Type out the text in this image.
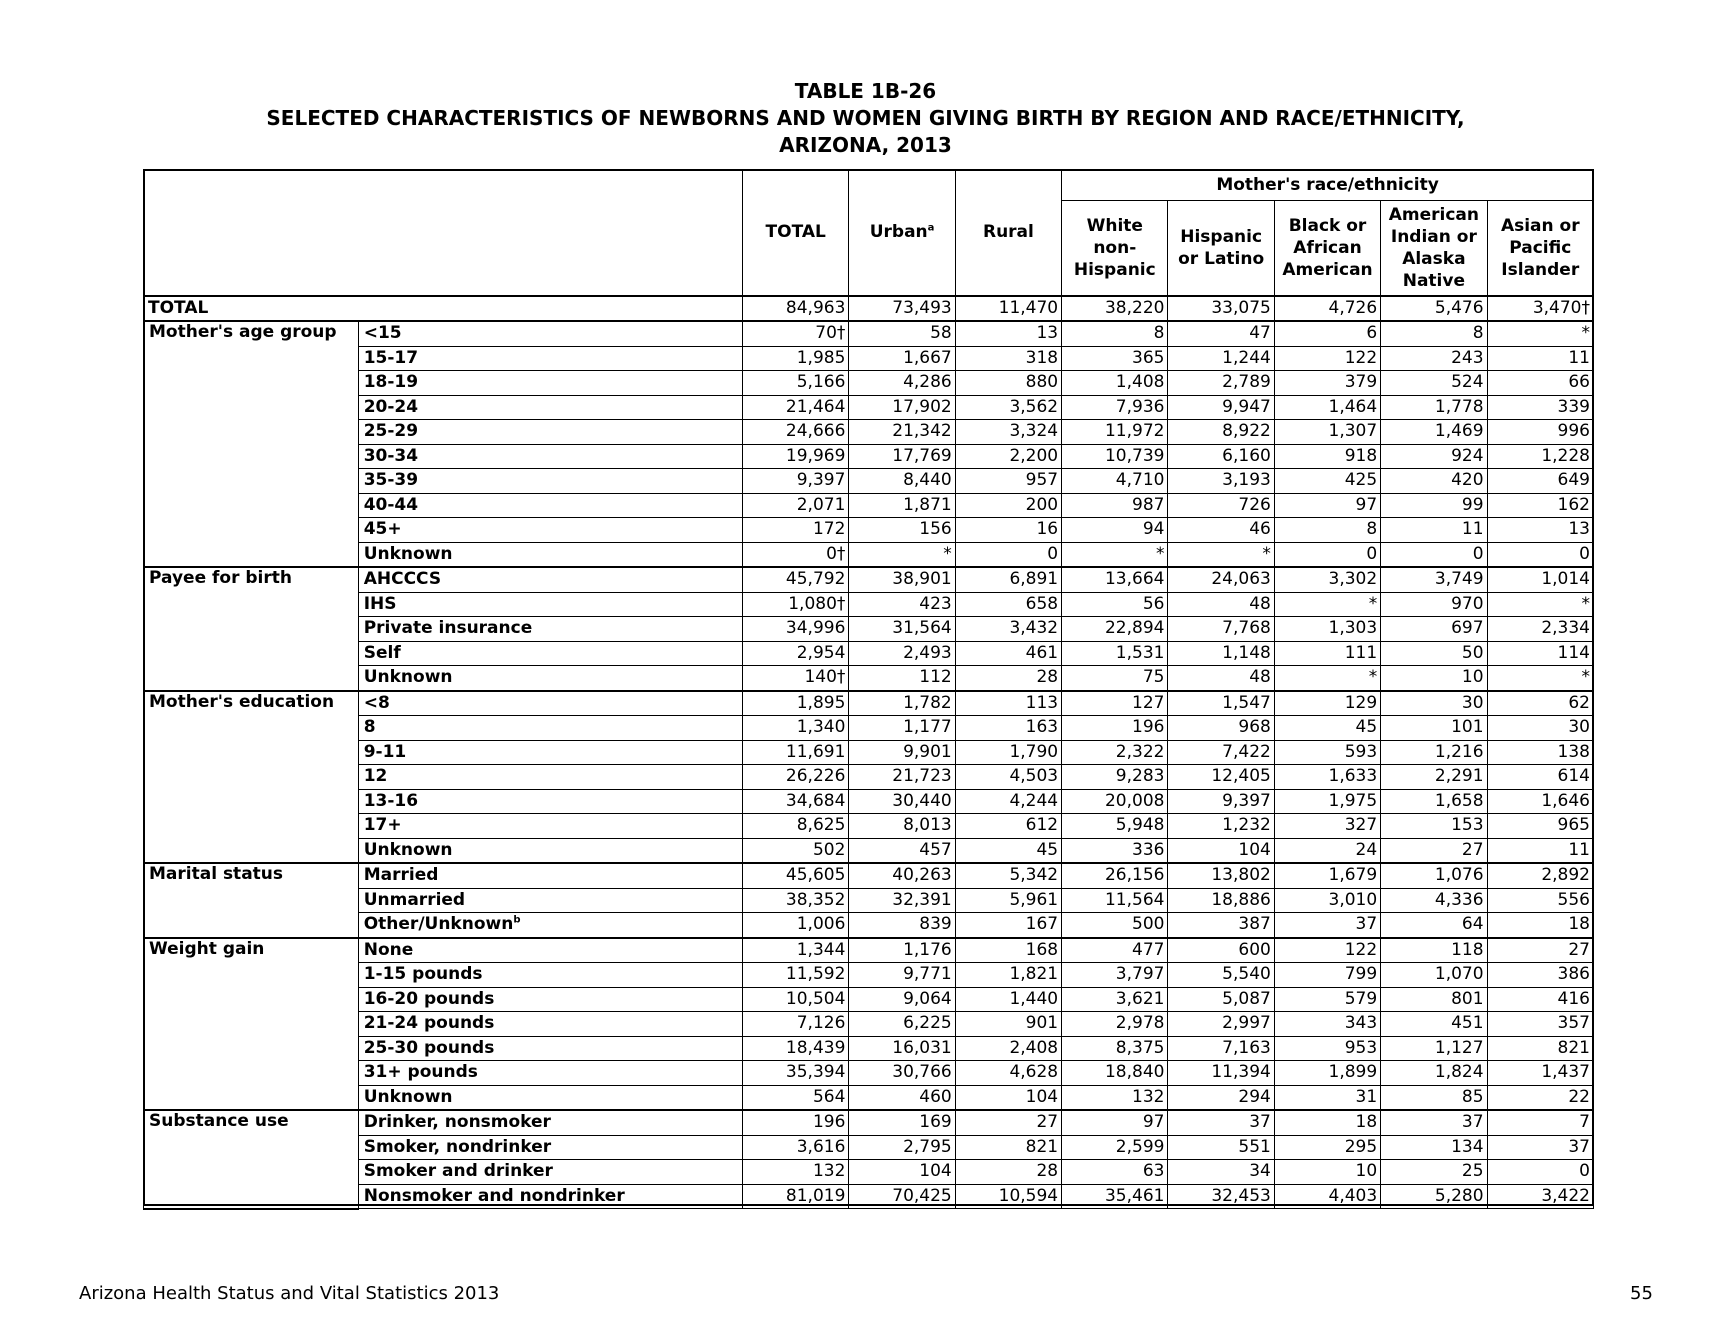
TABLE 1B-26
SELECTED CHARACTERISTICS OF NEWBORNS AND WOMEN GIVING BIRTH BY REGION AND RACE/ETHNICITY,
ARIZONA, 2013
		TOTAL	Urban$^a$	Rural	Mother's race/ethnicity				
					White non-Hispanic	Hispanic or Latino	Black or African American	American Indian or Alaska Native	Asian or Pacific Islander
TOTAL		84,963	73,493	11,470	38,220	33,075	4,726	5,476	3,470†
Mother's age group	<15	70†	58	13	8	47	6	8	*
	15-17	1,985	1,667	318	365	1,244	122	243	11
	18-19	5,166	4,286	880	1,408	2,789	379	524	66
	20-24	21,464	17,902	3,562	7,936	9,947	1,464	1,778	339
	25-29	24,666	21,342	3,324	11,972	8,922	1,307	1,469	996
	30-34	19,969	17,769	2,200	10,739	6,160	918	924	1,228
	35-39	9,397	8,440	957	4,710	3,193	425	420	649
	40-44	2,071	1,871	200	987	726	97	99	162
	45+	172	156	16	94	46	8	11	13
	Unknown	0†	*	0	*	*	0	0	0
Payee for birth	AHCCCS	45,792	38,901	6,891	13,664	24,063	3,302	3,749	1,014
	IHS	1,080†	423	658	56	48	*	970	*
	Private insurance	34,996	31,564	3,432	22,894	7,768	1,303	697	2,334
	Self	2,954	2,493	461	1,531	1,148	111	50	114
	Unknown	140†	112	28	75	48	*	10	*
Mother's education	<8	1,895	1,782	113	127	1,547	129	30	62
	8	1,340	1,177	163	196	968	45	101	30
	9-11	11,691	9,901	1,790	2,322	7,422	593	1,216	138
	12	26,226	21,723	4,503	9,283	12,405	1,633	2,291	614
	13-16	34,684	30,440	4,244	20,008	9,397	1,975	1,658	1,646
	17+	8,625	8,013	612	5,948	1,232	327	153	965
	Unknown	502	457	45	336	104	24	27	11
Marital status	Married	45,605	40,263	5,342	26,156	13,802	1,679	1,076	2,892
	Unmarried	38,352	32,391	5,961	11,564	18,886	3,010	4,336	556
	Other/Unknown$^b$	1,006	839	167	500	387	37	64	18
Weight gain	None	1,344	1,176	168	477	600	122	118	27
	1-15 pounds	11,592	9,771	1,821	3,797	5,540	799	1,070	386
	16-20 pounds	10,504	9,064	1,440	3,621	5,087	579	801	416
	21-24 pounds	7,126	6,225	901	2,978	2,997	343	451	357
	25-30 pounds	18,439	16,031	2,408	8,375	7,163	953	1,127	821
	31+ pounds	35,394	30,766	4,628	18,840	11,394	1,899	1,824	1,437
	Unknown	564	460	104	132	294	31	85	22
Substance use	Drinker, nonsmoker	196	169	27	97	37	18	37	7
	Smoker, nondrinker	3,616	2,795	821	2,599	551	295	134	37
	Smoker and drinker	132	104	28	63	34	10	25	0
	Nonsmoker and nondrinker	81,019	70,425	10,594	35,461	32,453	4,403	5,280	3,422
Arizona Health Status and Vital Statistics 2013	55
